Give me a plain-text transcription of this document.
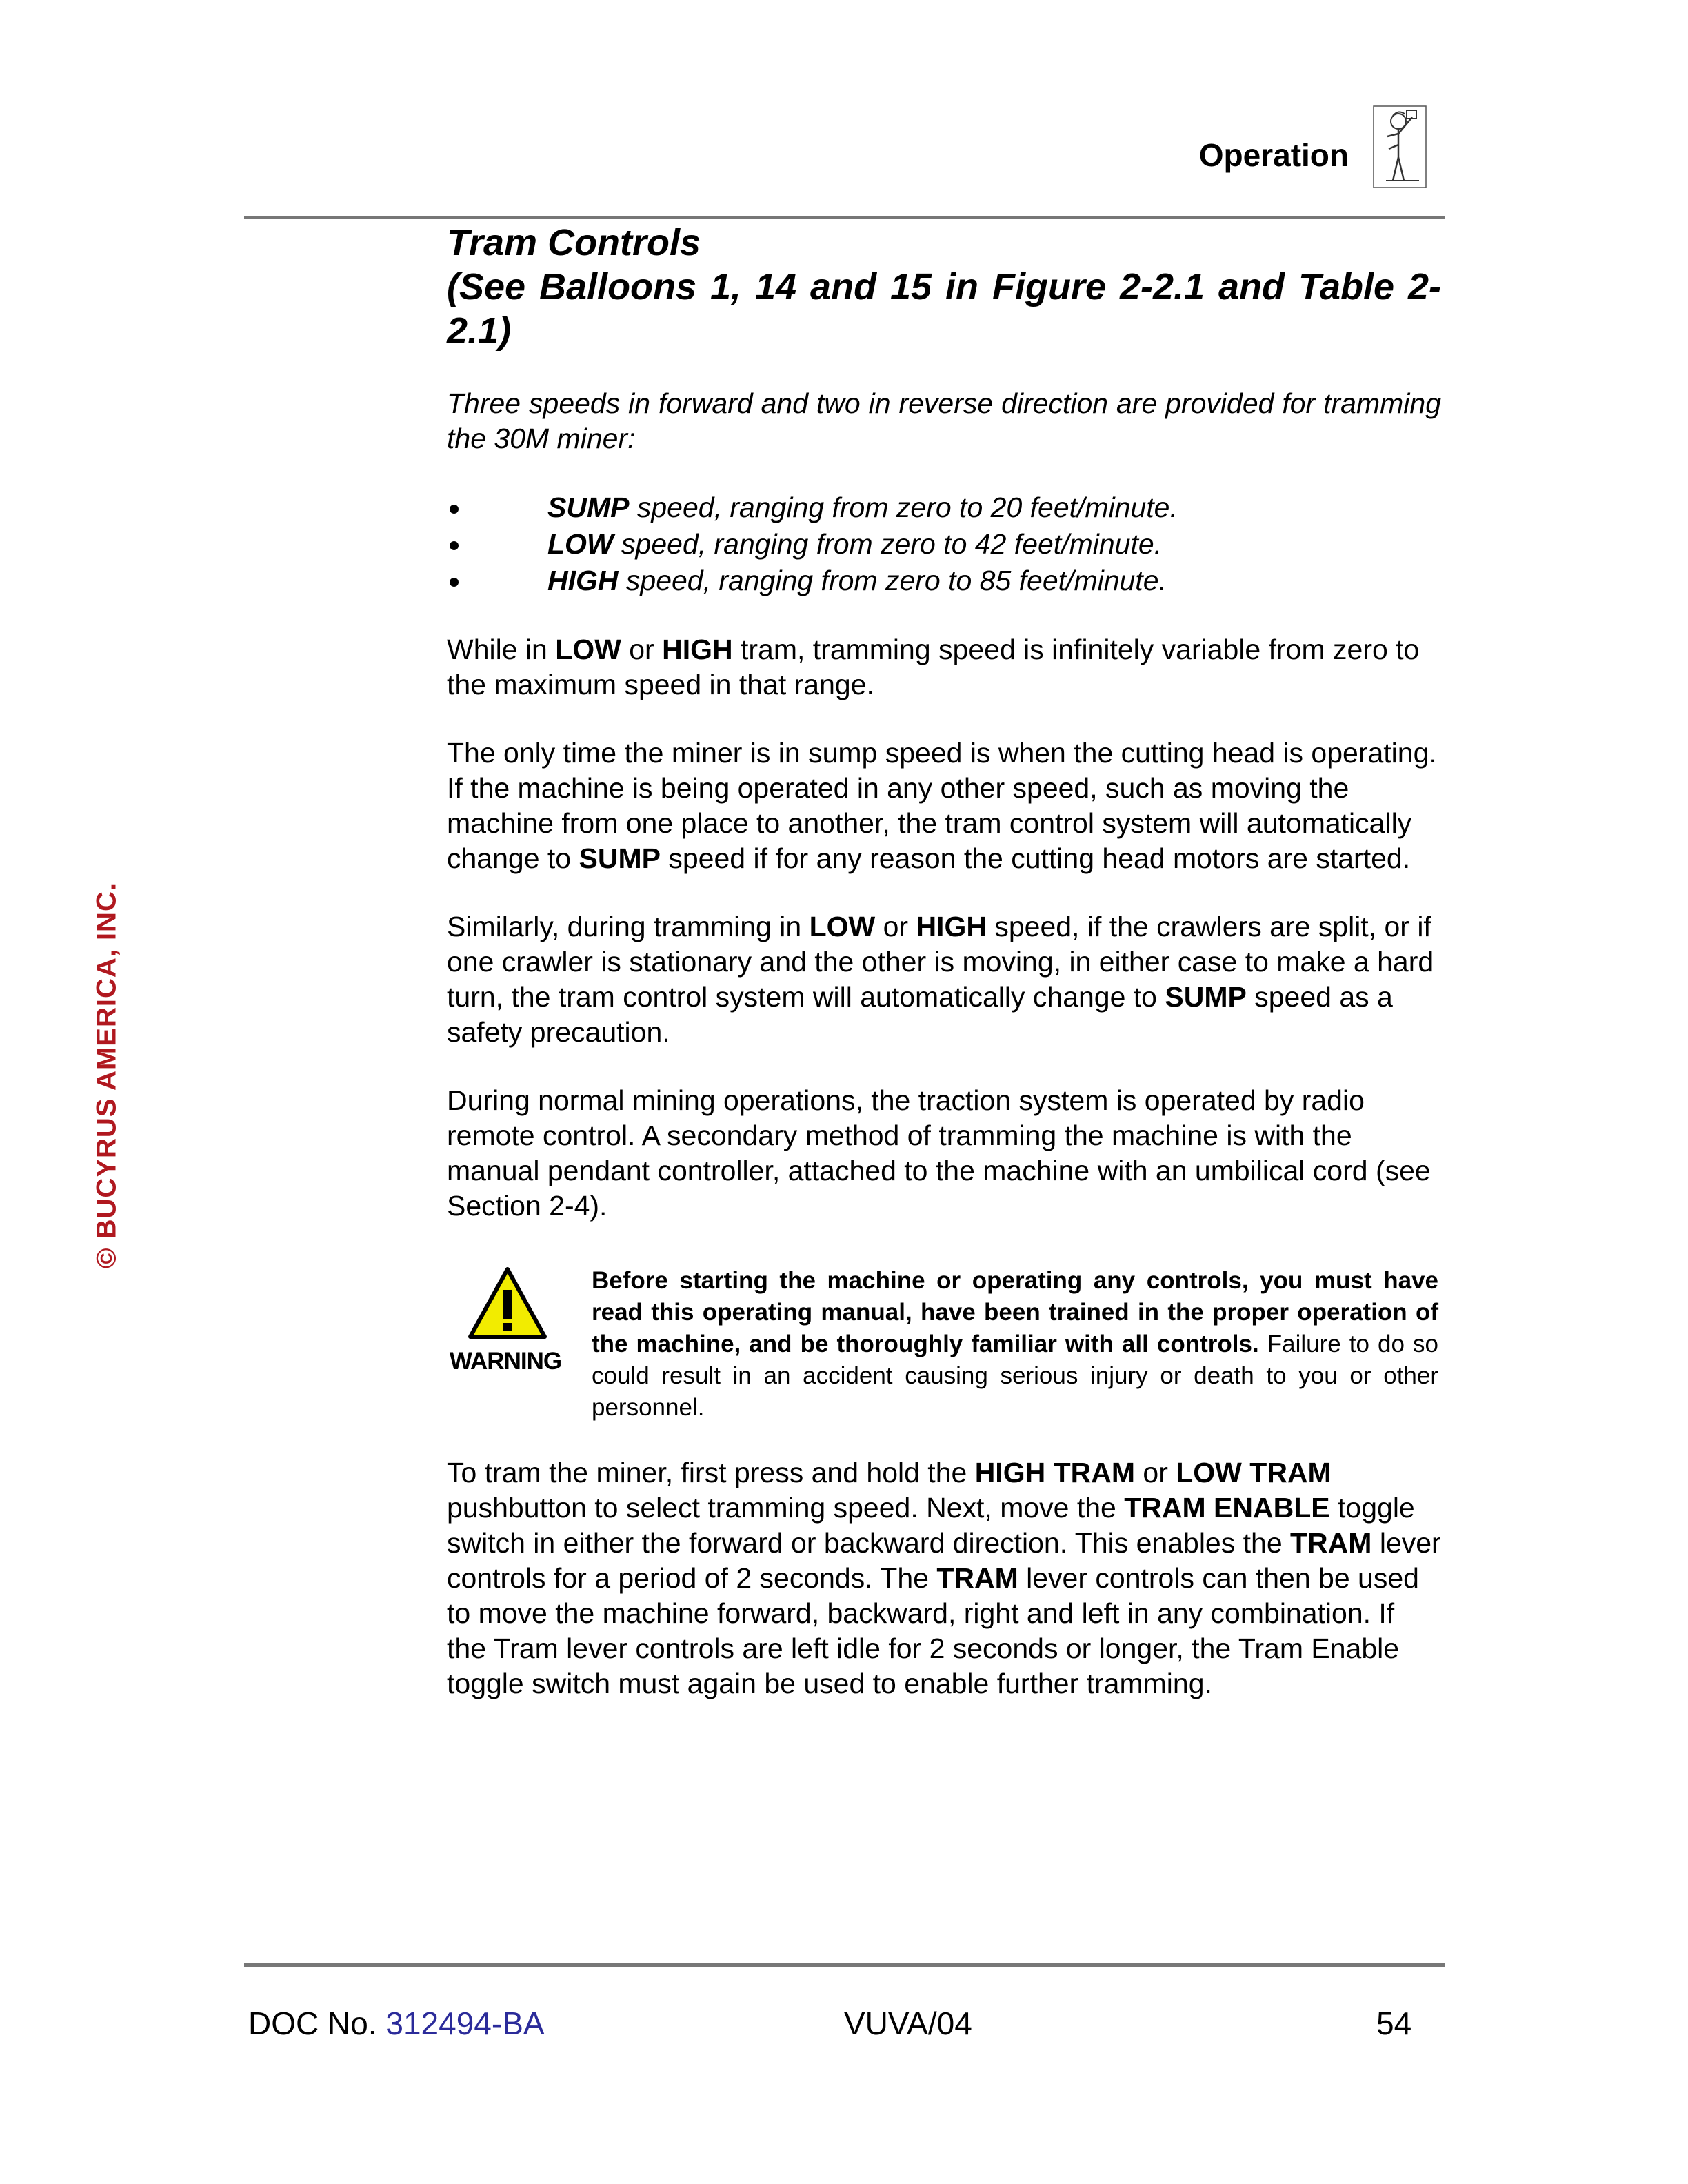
Operation
© BUCYRUS AMERICA, INC.
Tram Controls
(See Balloons 1, 14 and 15 in Figure 2-2.1 and Table 2-2.1)

Three speeds in forward and two in reverse direction are provided for tramming the 30M miner:

SUMP speed, ranging from zero to 20 feet/minute.
LOW speed, ranging from zero to 42 feet/minute.
HIGH speed, ranging from zero to 85 feet/minute.

While in LOW or HIGH tram, tramming speed is infinitely variable from zero to the maximum speed in that range.

The only time the miner is in sump speed is when the cutting head is operating. If the machine is being operated in any other speed, such as moving the machine from one place to another, the tram control system will automatically change to SUMP speed if for any reason the cutting head motors are started.

Similarly, during tramming in LOW or HIGH speed, if the crawlers are split, or if one crawler is stationary and the other is moving, in either case to make a hard turn, the tram control system will automatically change to SUMP speed as a safety precaution.

During normal mining operations, the traction system is operated by radio remote control. A secondary method of tramming the machine is with the manual pendant controller, attached to the machine with an umbilical cord (see Section 2-4).

WARNING
Before starting the machine or operating any controls, you must have read this operating manual, have been trained in the proper operation of the machine, and be thoroughly familiar with all controls. Failure to do so could result in an accident causing serious injury or death to you or other personnel.

To tram the miner, first press and hold the HIGH TRAM or LOW TRAM pushbutton to select tramming speed. Next, move the TRAM ENABLE toggle switch in either the forward or backward direction. This enables the TRAM lever controls for a period of 2 seconds. The TRAM lever controls can then be used to move the machine forward, backward, right and left in any combination. If the Tram lever controls are left idle for 2 seconds or longer, the Tram Enable toggle switch must again be used to enable further tramming.

DOC No. 312494-BA	VUVA/04	54
